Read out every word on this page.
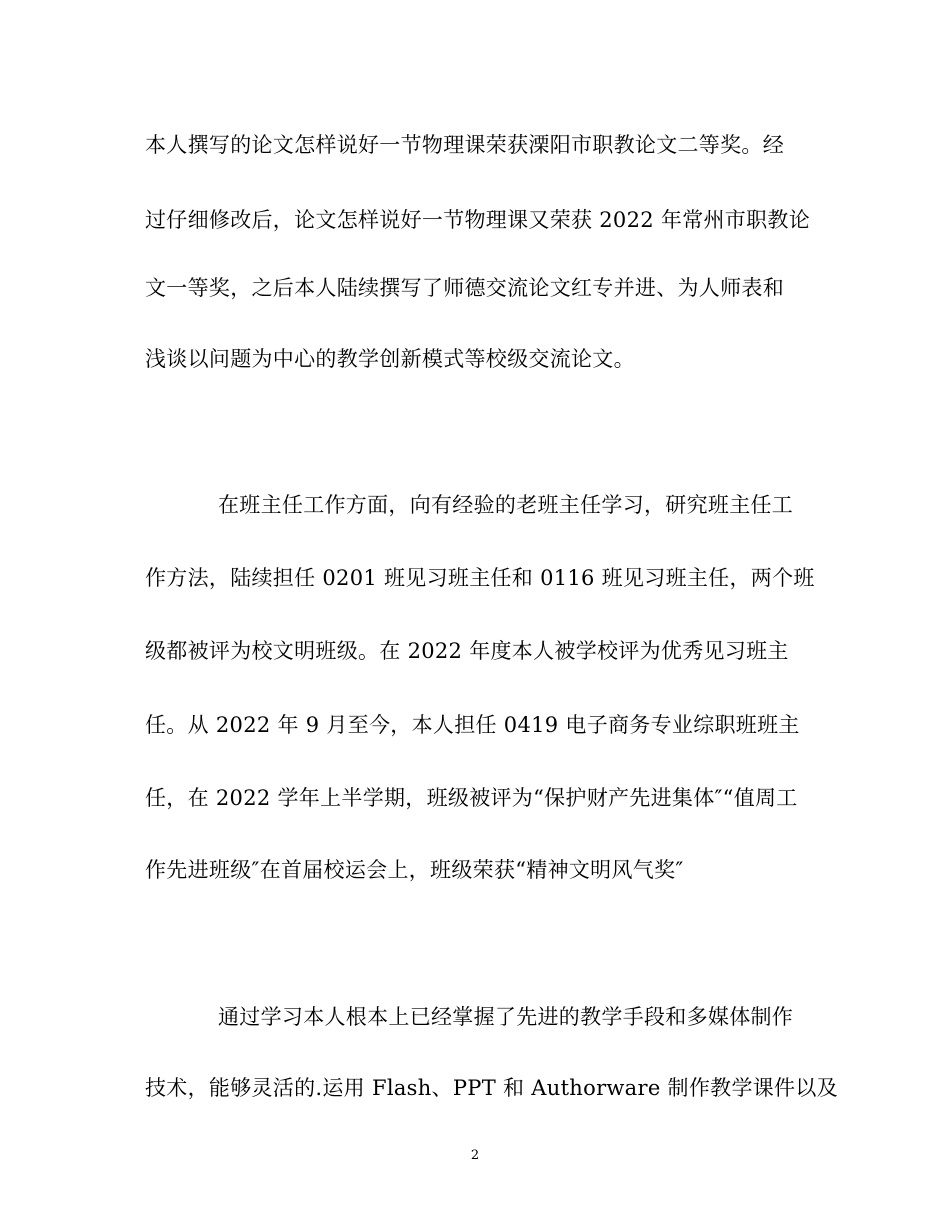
本人撰写的论文怎样说好一节物理课荣获溧阳市职教论文二等奖。经
过仔细修改后，论文怎样说好一节物理课又荣获 2022 年常州市职教论
文一等奖，之后本人陆续撰写了师德交流论文红专并进、为人师表和
浅谈以问题为中心的教学创新模式等校级交流论文。
在班主任工作方面，向有经验的老班主任学习，研究班主任工
作方法，陆续担任 0201 班见习班主任和 0116 班见习班主任，两个班
级都被评为校文明班级。在 2022 年度本人被学校评为优秀见习班主
任。从 2022 年 9 月至今，本人担任 0419 电子商务专业综职班班主
任，在 2022 学年上半学期，班级被评为“保护财产先进集体″“值周工
作先进班级″在首届校运会上，班级荣获“精神文明风气奖″
通过学习本人根本上已经掌握了先进的教学手段和多媒体制作
技术，能够灵活的.运用 Flash、PPT 和 Authorware 制作教学课件以及
2
